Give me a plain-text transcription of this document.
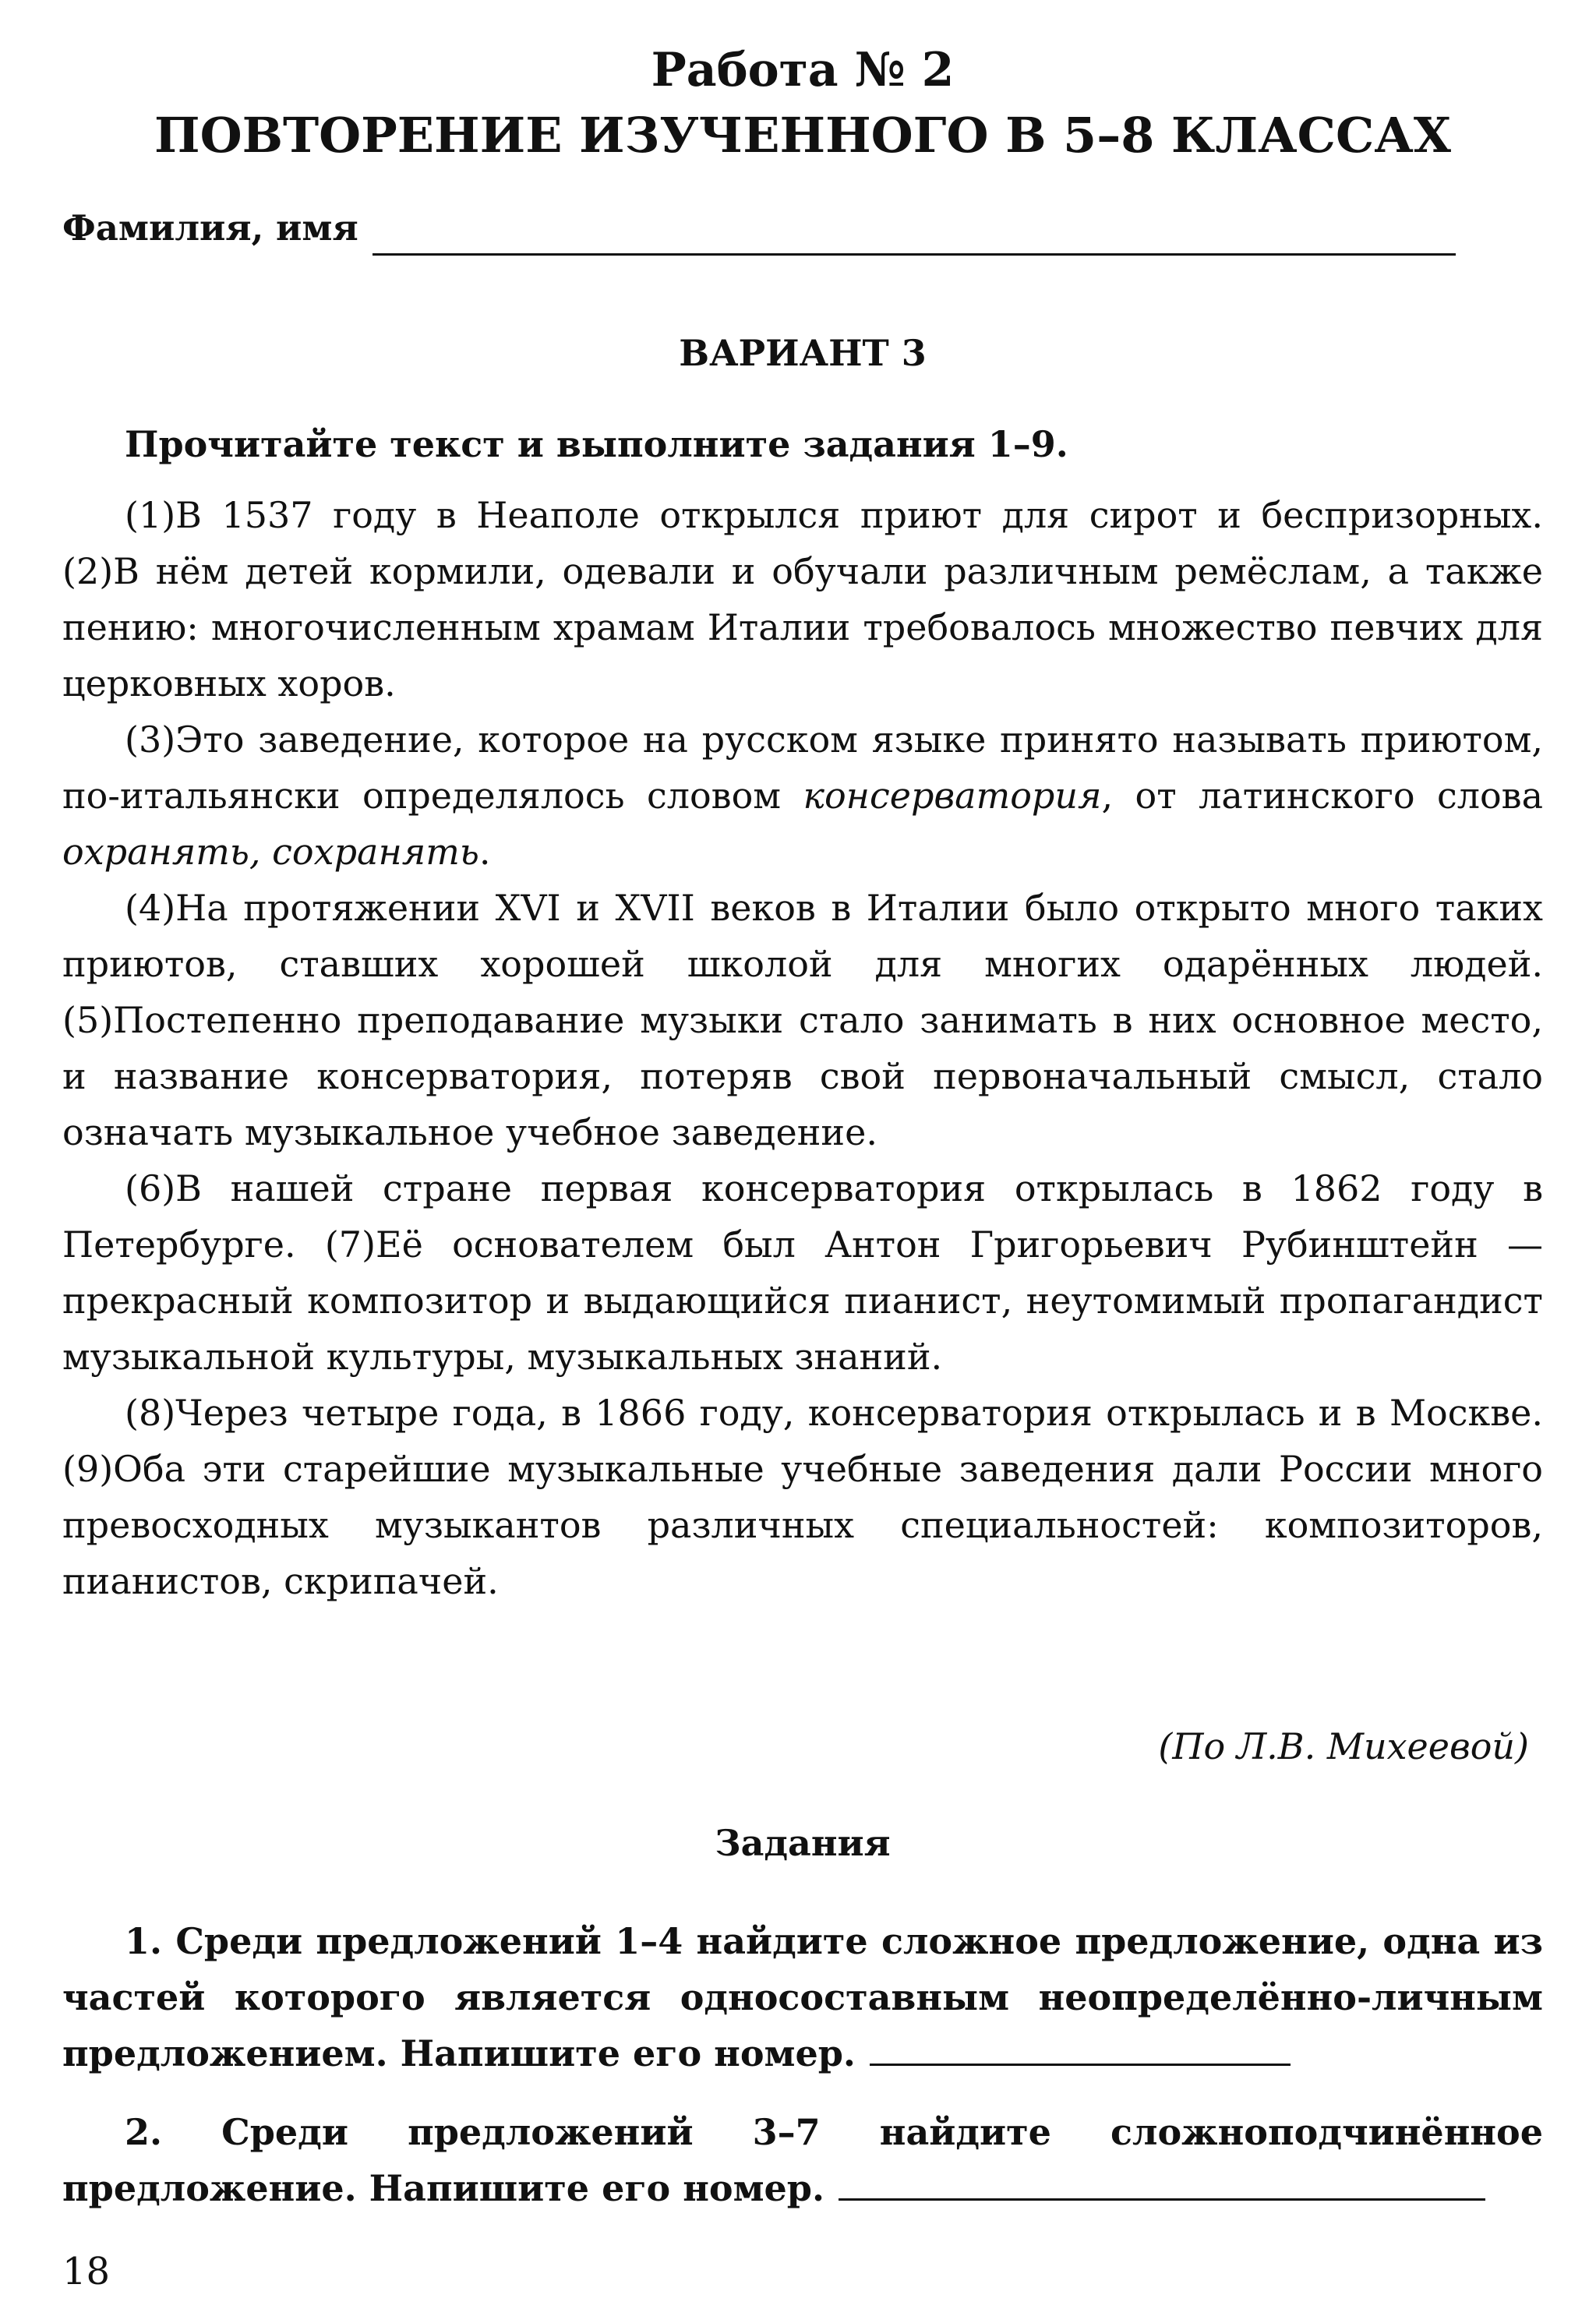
Работа № 2
ПОВТОРЕНИЕ ИЗУЧЕННОГО В 5–8 КЛАССАХ
Фамилия, имя
ВАРИАНТ 3
Прочитайте текст и выполните задания 1–9.

(1)В 1537 году в Неаполе открылся приют для сирот и беспризорных. (2)В нём детей кормили, одевали и обучали различным ремёслам, а также пению: многочисленным храмам Италии требовалось множество певчих для церковных хоров.

(3)Это заведение, которое на русском языке принято называть приютом, по-итальянски определялось словом консерватория, от латинского слова охранять, сохранять.

(4)На протяжении XVI и XVII веков в Италии было открыто много таких приютов, ставших хорошей школой для многих одарённых людей. (5)Постепенно преподавание музыки стало занимать в них основное место, и название консерватория, потеряв свой первоначальный смысл, стало означать музыкальное учебное заведение.

(6)В нашей стране первая консерватория открылась в 1862 году в Петербурге. (7)Её основателем был Антон Григорьевич Рубинштейн — прекрасный композитор и выдающийся пианист, неутомимый пропагандист музыкальной культуры, музыкальных знаний.

(8)Через четыре года, в 1866 году, консерватория открылась и в Москве. (9)Оба эти старейшие музыкальные учебные заведения дали России много превосходных музыкантов различных специальностей: композиторов, пианистов, скрипачей.

(По Л.В. Михеевой)
Задания
1. Среди предложений 1–4 найдите сложное предложение, одна из частей которого является односоставным неопределённо-личным предложением. Напишите его номер.
2. Среди предложений 3–7 найдите сложноподчинённое предложение. Напишите его номер.
18
